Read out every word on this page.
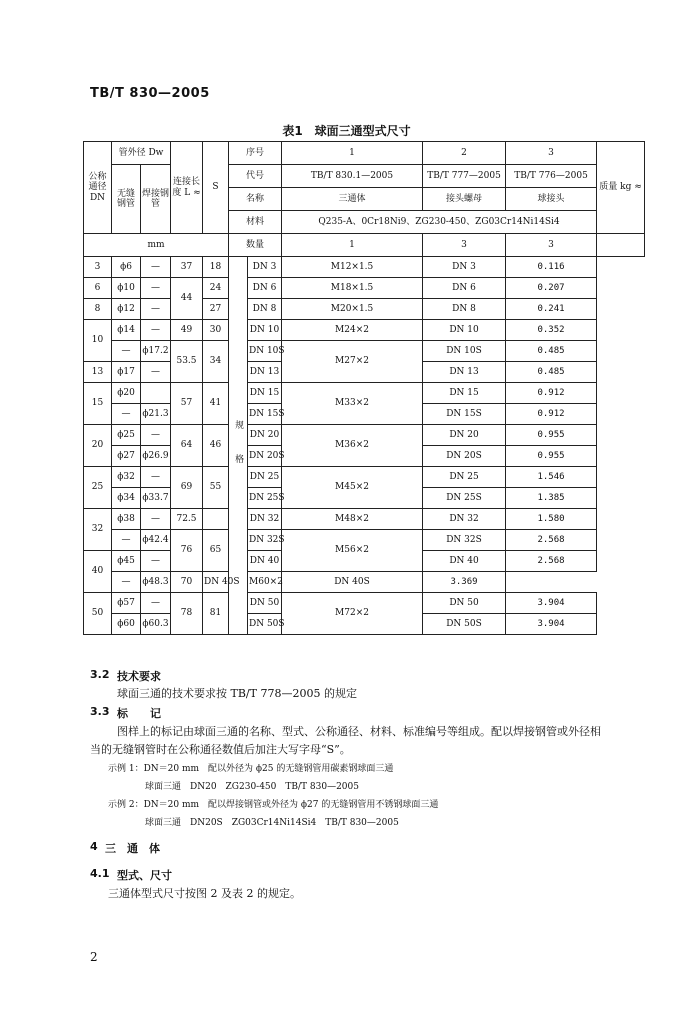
TB/T 830—2005
表1　球面三通型式尺寸
公称通径DN	管外径 Dw		连接长度 L ≈	S	序号		1	2	3	质量 kg ≈
	无缝钢管	焊接钢管			代号		TB/T 830.1—2005	TB/T 777—2005	TB/T 776—2005	
					名称		三通体	接头螺母	球接头	
					材料		Q235-A、0Cr18Ni9、ZG230-450、ZG03Cr14Ni14Si4			
mm					数量		1	3	3	
3	ϕ6	—	37	18	规　格	DN 3	M12×1.5	DN 3	0.116	
6	ϕ10	—	44	24		DN 6	M18×1.5	DN 6	0.207	
8	ϕ12	—		27		DN 8	M20×1.5	DN 8	0.241	
10	ϕ14	—	49	30		DN 10	M24×2	DN 10	0.352	
	—	ϕ17.2	53.5	34		DN 10S	M27×2	DN 10S	0.485	
13	ϕ17	—				DN 13		DN 13	0.485	
15	ϕ20		57	41		DN 15	M33×2	DN 15	0.912	
	—	ϕ21.3				DN 15S		DN 15S	0.912	
20	ϕ25	—	64	46		DN 20	M36×2	DN 20	0.955	
	ϕ27	ϕ26.9				DN 20S		DN 20S	0.955	
25	ϕ32	—	69	55		DN 25	M45×2	DN 25	1.546	
	ϕ34	ϕ33.7				DN 25S		DN 25S	1.385	
32	ϕ38	—	72.5			DN 32	M48×2	DN 32	1.580	
	—	ϕ42.4	76	65		DN 32S	M56×2	DN 32S	2.568	
40	ϕ45	—				DN 40		DN 40	2.568	
	—	ϕ48.3	70	DN 40S		M60×2	DN 40S	3.369		
50	ϕ57	—	78	81		DN 50	M72×2	DN 50	3.904	
	ϕ60	ϕ60.3				DN 50S		DN 50S	3.904	
3.2 技术要求
球面三通的技术要求按 TB/T 778—2005 的规定
3.3 标　　记
图样上的标记由球面三通的名称、型式、公称通径、材料、标准编号等组成。配以焊接钢管或外径相
当的无缝钢管时在公称通径数值后加注大写字母“S”。
示例 1：DN＝20 mm　配以外径为 ϕ25 的无缝钢管用碳素钢球面三通
球面三通　DN20　ZG230-450　TB/T 830—2005
示例 2：DN＝20 mm　配以焊接钢管或外径为 ϕ27 的无缝钢管用不锈钢球面三通
球面三通　DN20S　ZG03Cr14Ni14Si4　TB/T 830—2005
4 三　通　体
4.1 型式、尺寸
三通体型式尺寸按图 2 及表 2 的规定。
2
